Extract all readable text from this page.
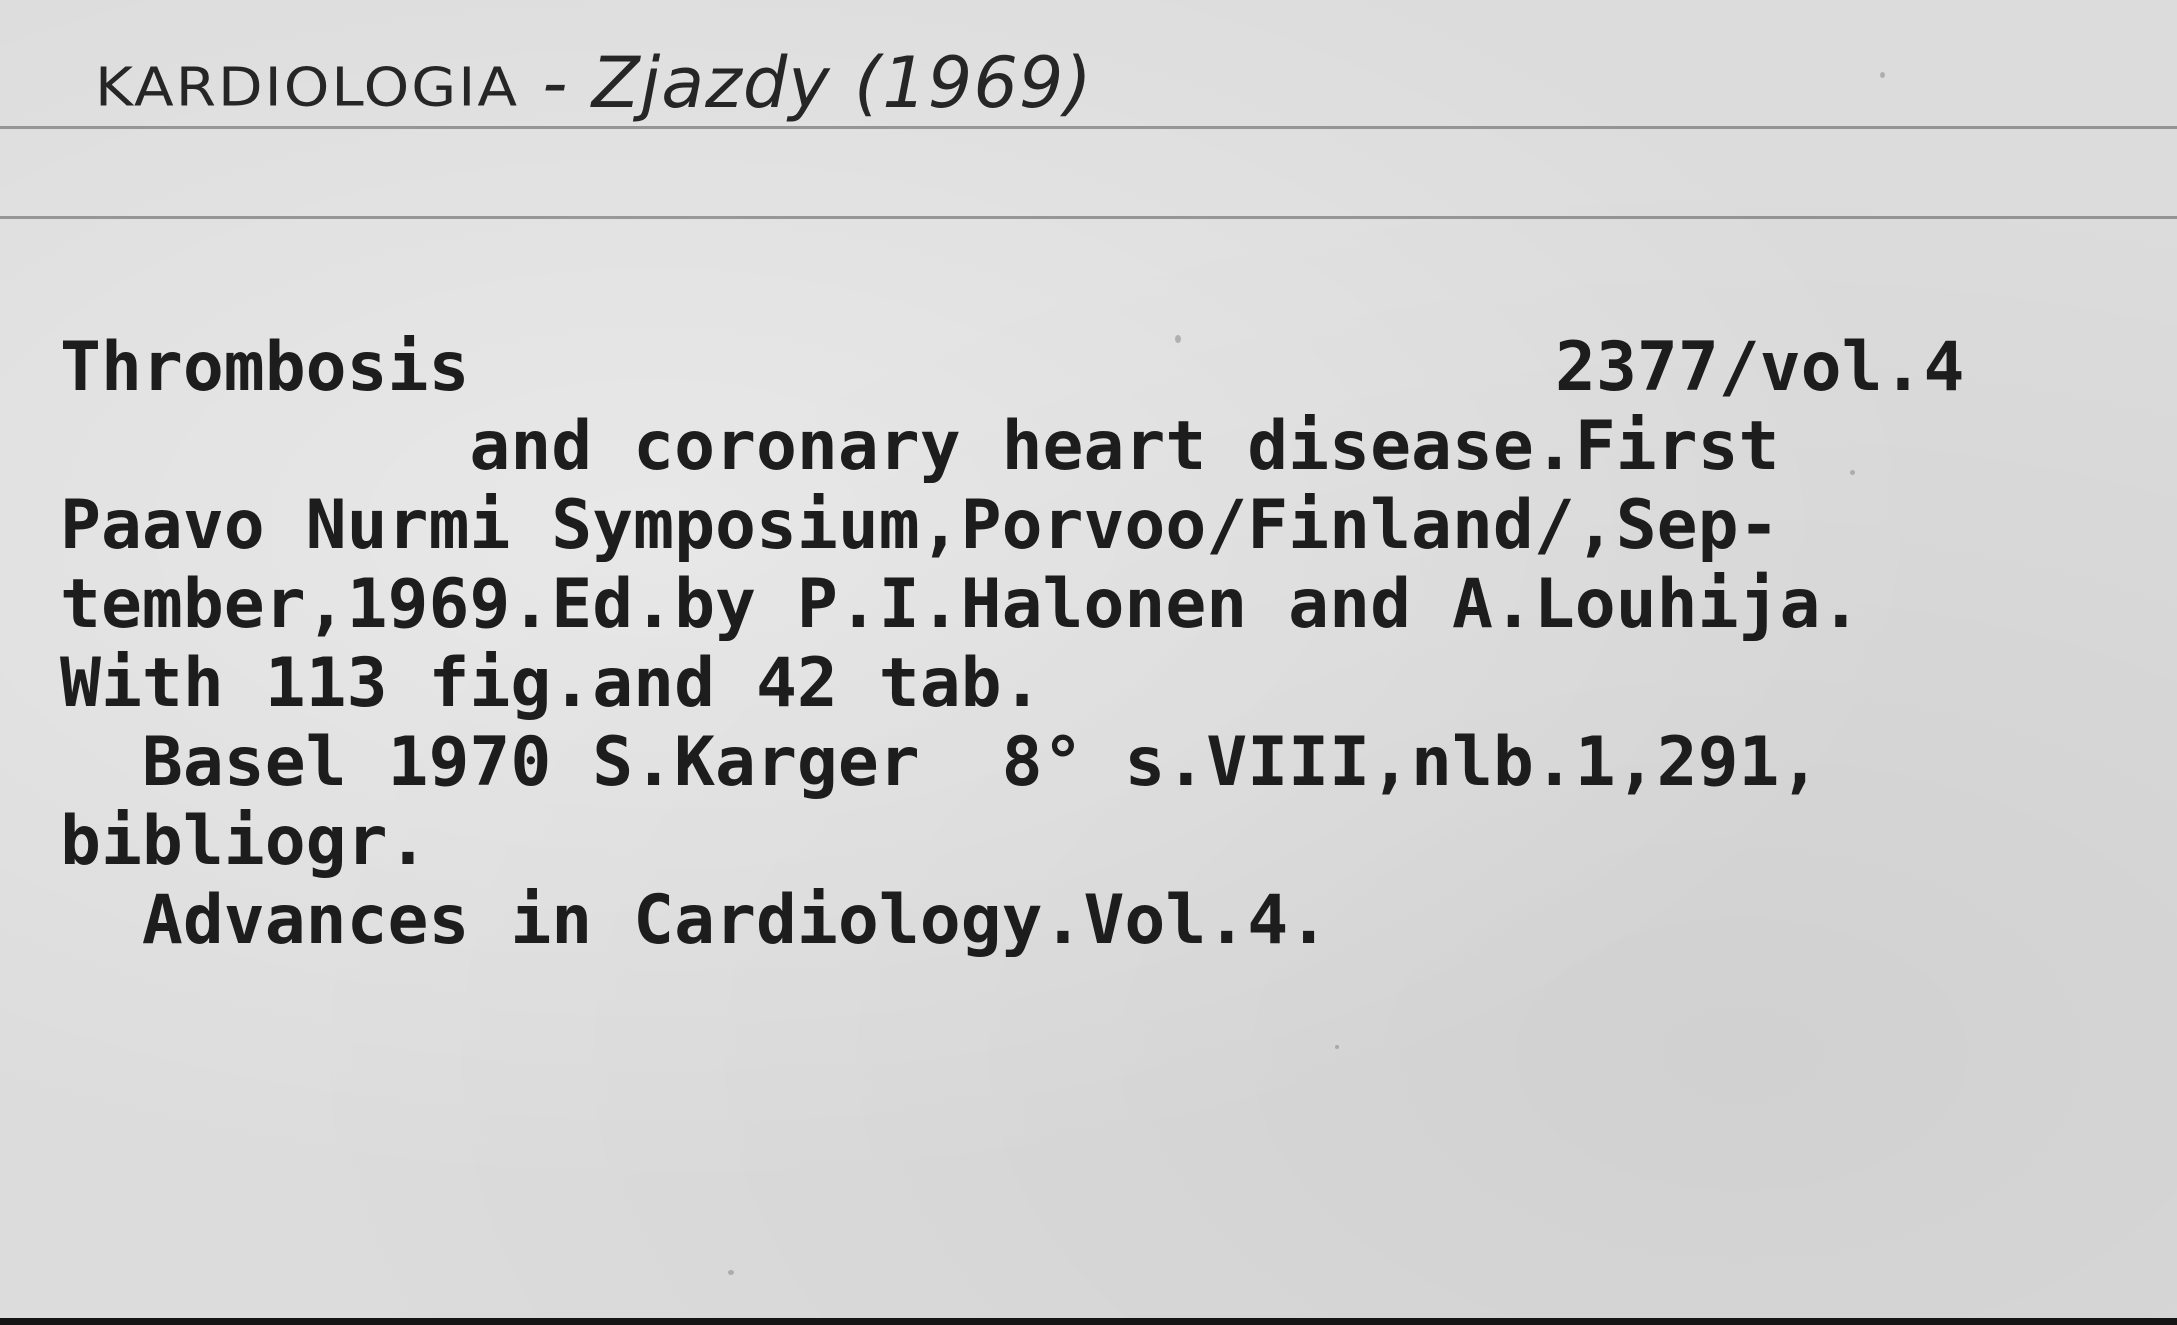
KARDIOLOGIA - Zjazdy (1969)
2377/vol.4
Thrombosis
and coronary heart disease.First
Paavo Nurmi Symposium,Porvoo/Finland/,Sep-
tember,1969.Ed.by P.I.Halonen and A.Louhija.
With 113 fig.and 42 tab.
Basel 1970 S.Karger  8° s.VIII,nlb.1,291,
bibliogr.
Advances in Cardiology.Vol.4.
